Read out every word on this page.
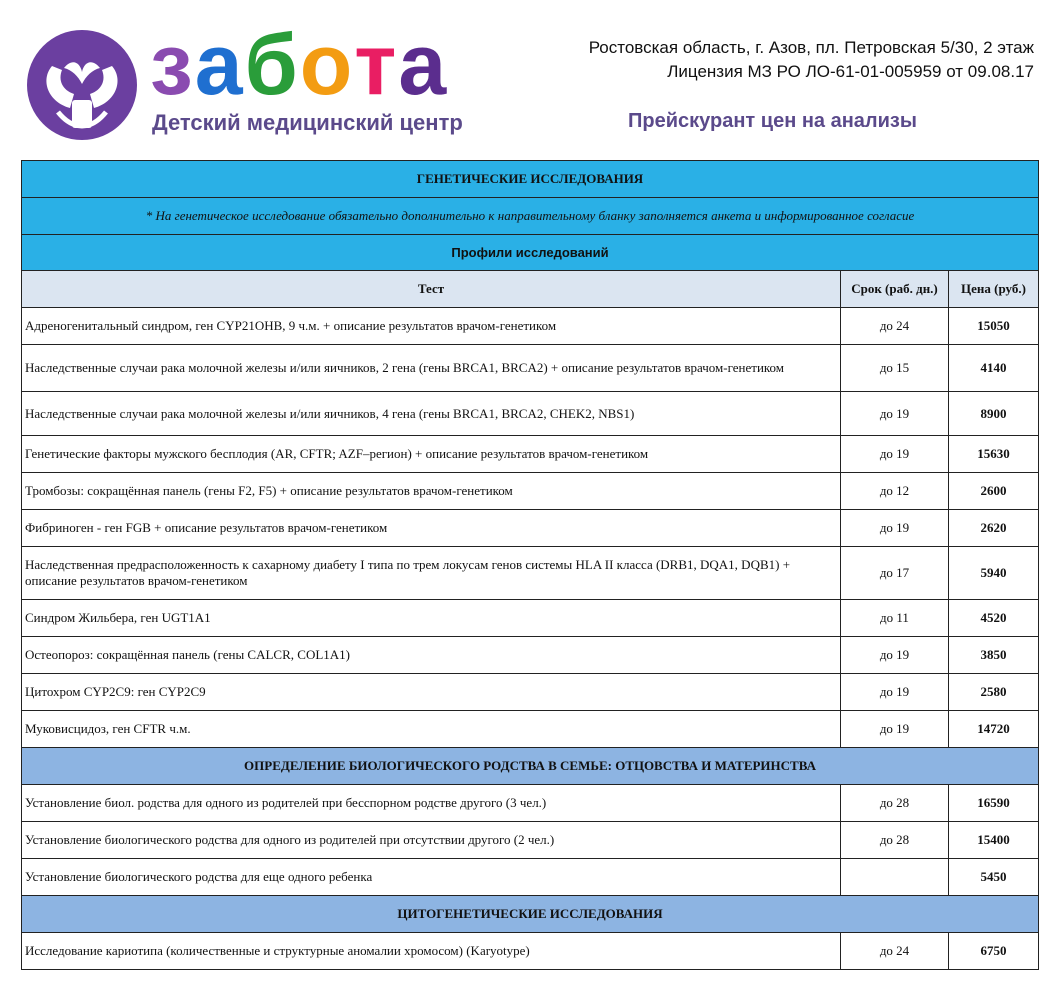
забота
Детский медицинский центр
Ростовская область, г. Азов, пл. Петровская 5/30, 2 этаж
Лицензия МЗ РО ЛО-61-01-005959 от 09.08.17
Прейскурант цен на анализы
ГЕНЕТИЧЕСКИЕ ИССЛЕДОВАНИЯ		
* На генетическое исследование обязательно дополнительно к направительному бланку заполняется анкета и информированное согласие		
Профили исследований		
Тест	Срок (раб. дн.)	Цена (руб.)
Адреногенитальный синдром, ген CYP21OHB, 9 ч.м. + описание результатов врачом-генетиком	до 24	15050
Наследственные случаи рака молочной железы и/или яичников, 2 гена (гены BRCA1, BRCA2) + описание результатов врачом-генетиком	до 15	4140
Наследственные случаи рака молочной железы и/или яичников, 4 гена (гены BRCA1, BRCA2, CHEK2, NBS1)	до 19	8900
Генетические факторы мужского бесплодия (AR, CFTR; AZF–регион) + описание результатов врачом-генетиком	до 19	15630
Тромбозы: сокращённая панель (гены F2, F5) + описание результатов врачом-генетиком	до 12	2600
Фибриноген - ген FGB + описание результатов врачом-генетиком	до 19	2620
Наследственная предрасположенность к сахарному диабету I типа по трем локусам генов системы HLA II класса (DRB1, DQA1, DQB1) + описание результатов врачом-генетиком	до 17	5940
Синдром Жильбера, ген UGT1A1	до 11	4520
Остеопороз: сокращённая панель (гены CALCR, COL1A1)	до 19	3850
Цитохром CYP2C9: ген CYP2C9	до 19	2580
Муковисцидоз, ген CFTR ч.м.	до 19	14720
ОПРЕДЕЛЕНИЕ БИОЛОГИЧЕСКОГО РОДСТВА В СЕМЬЕ: ОТЦОВСТВА И МАТЕРИНСТВА		
Установление биол. родства для одного из родителей при бесспорном родстве другого (3 чел.)	до 28	16590
Установление биологического родства для одного из родителей при отсутствии другого (2 чел.)	до 28	15400
Установление биологического родства для еще одного ребенка		5450
ЦИТОГЕНЕТИЧЕСКИЕ ИССЛЕДОВАНИЯ		
Исследование кариотипа (количественные и структурные аномалии хромосом) (Karyotype)	до 24	6750
